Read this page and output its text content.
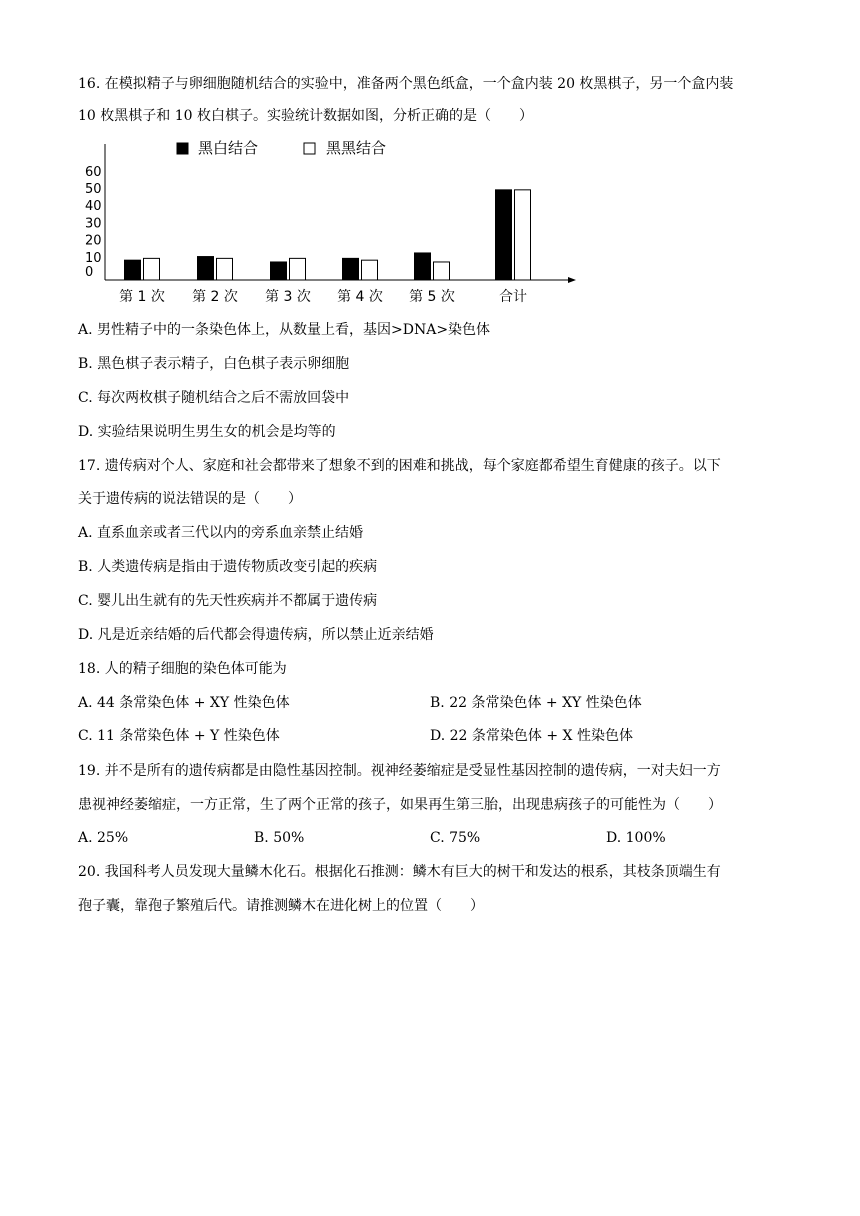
16. 在模拟精子与卵细胞随机结合的实验中，准备两个黑色纸盒，一个盒内装 20 枚黑棋子，另一个盒内装
10 枚黑棋子和 10 枚白棋子。实验统计数据如图，分析正确的是（　　）
黑白结合	黑黑结合
60
50
40
30
20
10
0
第 1 次 第 2 次 第 3 次 第 4 次 第 5 次	合计
A. 男性精子中的一条染色体上，从数量上看，基因>DNA>染色体
B. 黑色棋子表示精子，白色棋子表示卵细胞
C. 每次两枚棋子随机结合之后不需放回袋中
D. 实验结果说明生男生女的机会是均等的
17. 遗传病对个人、家庭和社会都带来了想象不到的困难和挑战，每个家庭都希望生育健康的孩子。以下
关于遗传病的说法错误的是（　　）
A. 直系血亲或者三代以内的旁系血亲禁止结婚
B. 人类遗传病是指由于遗传物质改变引起的疾病
C. 婴儿出生就有的先天性疾病并不都属于遗传病
D. 凡是近亲结婚的后代都会得遗传病，所以禁止近亲结婚
18. 人的精子细胞的染色体可能为
A. 44 条常染色体 + XY 性染色体	B. 22 条常染色体 + XY 性染色体
C. 11 条常染色体 + Y 性染色体	D. 22 条常染色体 + X 性染色体
19. 并不是所有的遗传病都是由隐性基因控制。视神经萎缩症是受显性基因控制的遗传病，一对夫妇一方
患视神经萎缩症，一方正常，生了两个正常的孩子，如果再生第三胎，出现患病孩子的可能性为（　　）
A. 25%	B. 50%	C. 75%	D. 100%
20. 我国科考人员发现大量鳞木化石。根据化石推测：鳞木有巨大的树干和发达的根系，其枝条顶端生有
孢子囊，靠孢子繁殖后代。请推测鳞木在进化树上的位置（　　）
